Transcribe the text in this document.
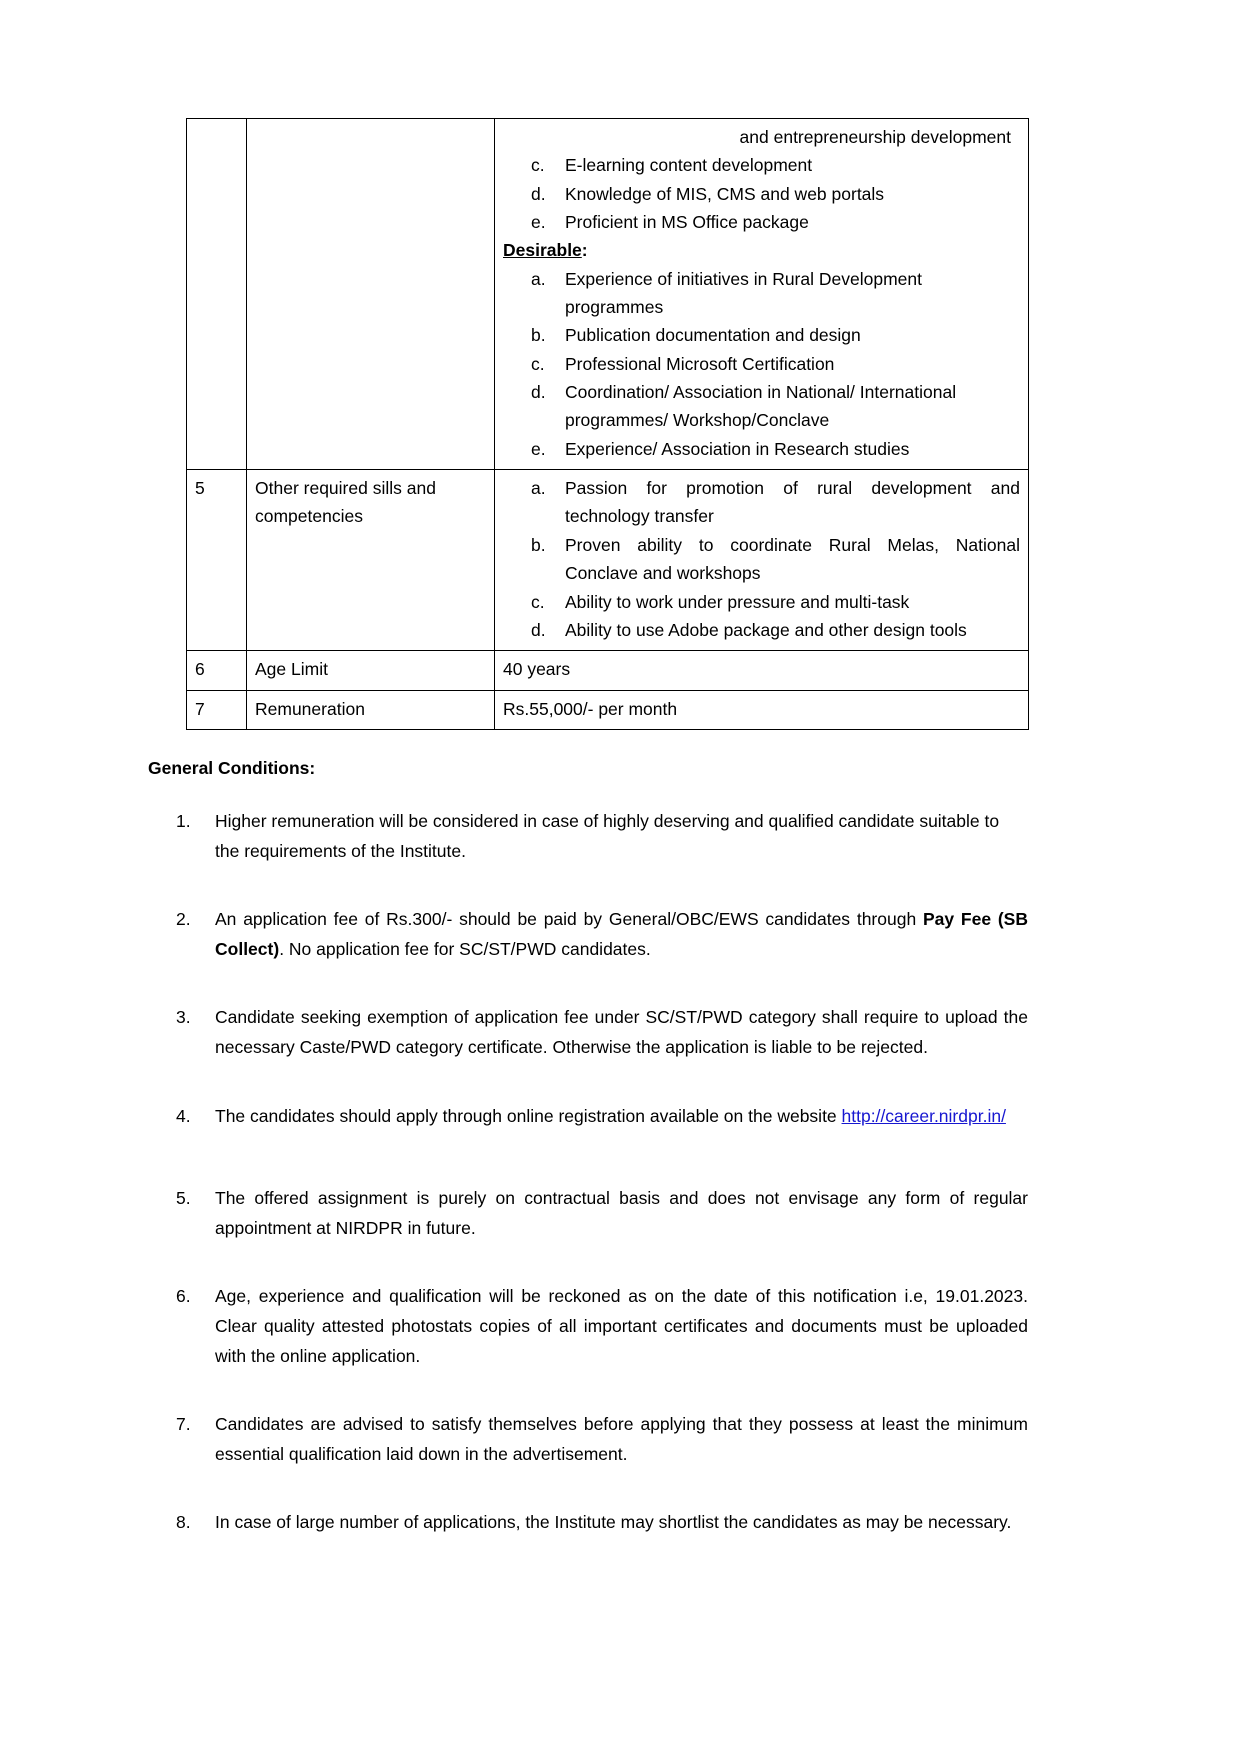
and entrepreneurship development
c.	E-learning content development
d.	Knowledge of MIS, CMS and web portals
e.	Proficient in MS Office package
Desirable:
a.	Experience of initiatives in Rural Development programmes
b.	Publication documentation and design
c.	Professional Microsoft Certification
d.	Coordination/ Association in National/ International programmes/ Workshop/Conclave
e.	Experience/ Association in Research studies

5	Other required sills and competencies	
a.	Passion for promotion of rural development and technology transfer
b.	Proven ability to coordinate Rural Melas, National Conclave and workshops
c.	Ability to work under pressure and multi-task
d.	Ability to use Adobe package and other design tools

6	Age Limit	40 years
7	Remuneration	Rs.55,000/- per month
General Conditions:
1.	Higher remuneration will be considered in case of highly deserving and qualified candidate suitable to the requirements of the Institute.
2.	An application fee of Rs.300/- should be paid by General/OBC/EWS candidates through Pay Fee (SB Collect). No application fee for SC/ST/PWD candidates.
3.	Candidate seeking exemption of application fee under SC/ST/PWD category shall require to upload the necessary Caste/PWD category certificate. Otherwise the application is liable to be rejected.
4.	The candidates should apply through online registration available on the website http://career.nirdpr.in/
5.	The offered assignment is purely on contractual basis and does not envisage any form of regular appointment at NIRDPR in future.
6.	Age, experience and qualification will be reckoned as on the date of this notification i.e, 19.01.2023. Clear quality attested photostats copies of all important certificates and documents must be uploaded with the online application.
7.	Candidates are advised to satisfy themselves before applying that they possess at least the minimum essential qualification laid down in the advertisement.
8.	In case of large number of applications, the Institute may shortlist the candidates as may be necessary.
